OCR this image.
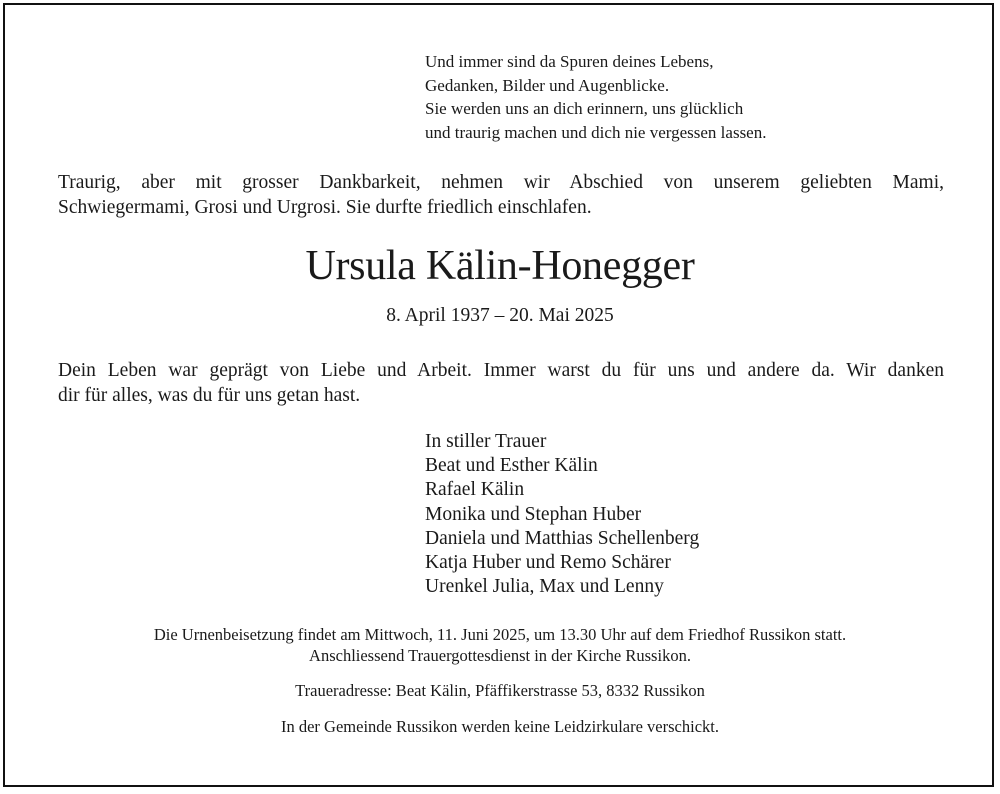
Und immer sind da Spuren deines Lebens,
Gedanken, Bilder und Augenblicke.
Sie werden uns an dich erinnern, uns glücklich
und traurig machen und dich nie vergessen lassen.
Traurig, aber mit grosser Dankbarkeit, nehmen wir Abschied von unserem geliebten Mami,
Schwiegermami, Grosi und Urgrosi. Sie durfte friedlich einschlafen.
Ursula Kälin-Honegger
8. April 1937 – 20. Mai 2025
Dein Leben war geprägt von Liebe und Arbeit. Immer warst du für uns und andere da. Wir danken
dir für alles, was du für uns getan hast.
In stiller Trauer
Beat und Esther Kälin
Rafael Kälin
Monika und Stephan Huber
Daniela und Matthias Schellenberg
Katja Huber und Remo Schärer
Urenkel Julia, Max und Lenny
Die Urnenbeisetzung findet am Mittwoch, 11. Juni 2025, um 13.30 Uhr auf dem Friedhof Russikon statt.
Anschliessend Trauergottesdienst in der Kirche Russikon.
Traueradresse: Beat Kälin, Pfäffikerstrasse 53, 8332 Russikon
In der Gemeinde Russikon werden keine Leidzirkulare verschickt.
